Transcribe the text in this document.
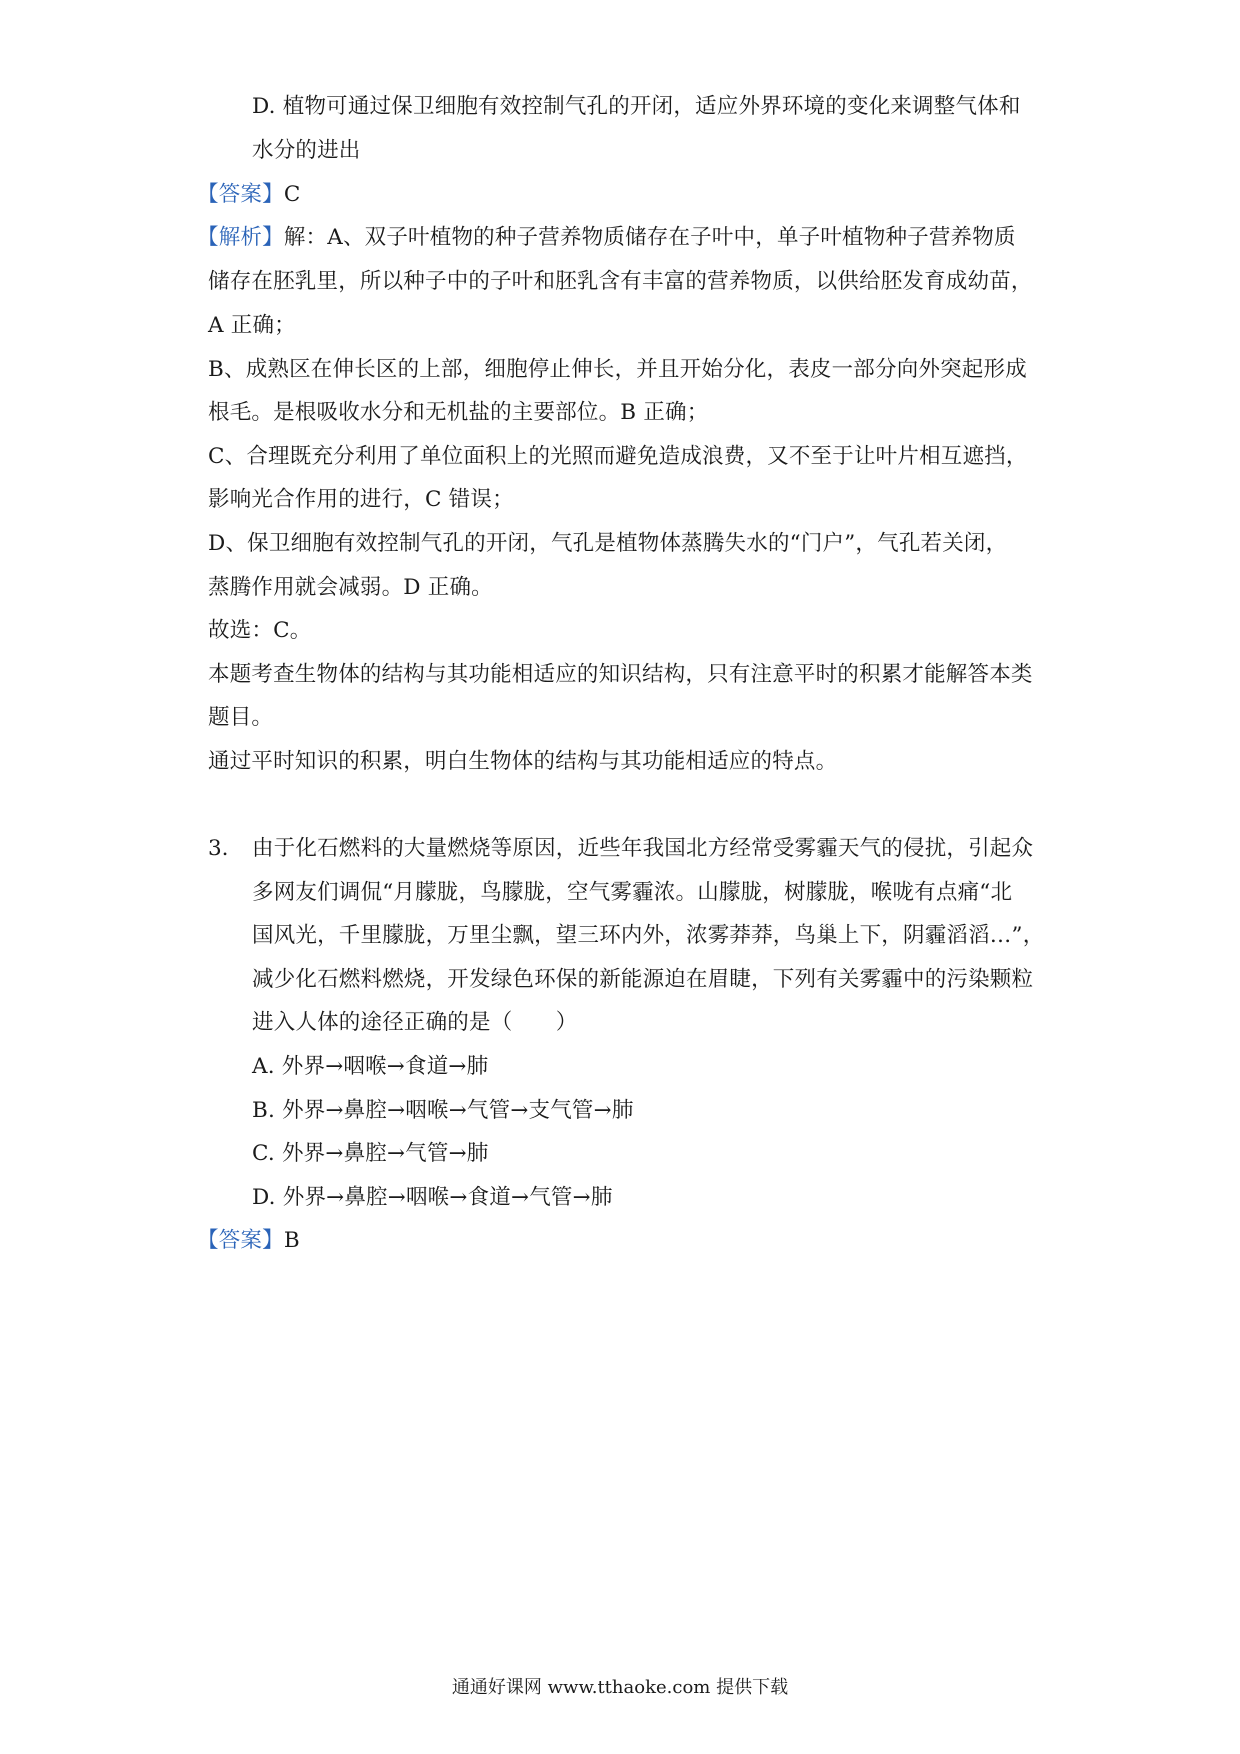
D. 植物可通过保卫细胞有效控制气孔的开闭，适应外界环境的变化来调整气体和
水分的进出
【答案】C
【解析】解：A、双子叶植物的种子营养物质储存在子叶中，单子叶植物种子营养物质
储存在胚乳里，所以种子中的子叶和胚乳含有丰富的营养物质，以供给胚发育成幼苗，
A 正确；
B、成熟区在伸长区的上部，细胞停止伸长，并且开始分化，表皮一部分向外突起形成
根毛。是根吸收水分和无机盐的主要部位。B 正确；
C、合理既充分利用了单位面积上的光照而避免造成浪费，又不至于让叶片相互遮挡，
影响光合作用的进行，C 错误；
D、保卫细胞有效控制气孔的开闭，气孔是植物体蒸腾失水的“门户”，气孔若关闭，
蒸腾作用就会减弱。D 正确。
故选：C。
本题考查生物体的结构与其功能相适应的知识结构，只有注意平时的积累才能解答本类
题目。
通过平时知识的积累，明白生物体的结构与其功能相适应的特点。
3. 由于化石燃料的大量燃烧等原因，近些年我国北方经常受雾霾天气的侵扰，引起众
多网友们调侃“月朦胧，鸟朦胧，空气雾霾浓。山朦胧，树朦胧，喉咙有点痛“北
国风光，千里朦胧，万里尘飘，望三环内外，浓雾莽莽，鸟巢上下，阴霾滔滔…”，
减少化石燃料燃烧，开发绿色环保的新能源迫在眉睫，下列有关雾霾中的污染颗粒
进入人体的途径正确的是（　　）
A. 外界→咽喉→食道→肺
B. 外界→鼻腔→咽喉→气管→支气管→肺
C. 外界→鼻腔→气管→肺
D. 外界→鼻腔→咽喉→食道→气管→肺
【答案】B
通通好课网 www.tthaoke.com 提供下载
